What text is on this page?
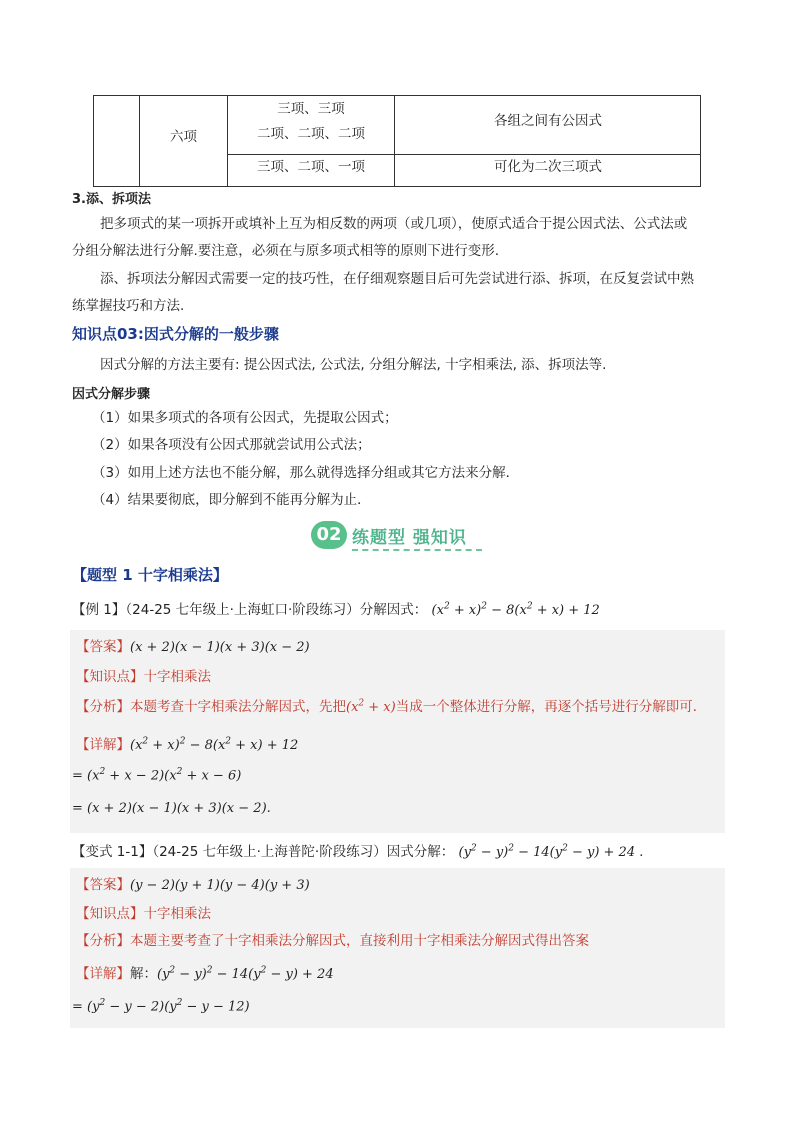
六项
三项、三项
二项、二项、二项
各组之间有公因式
三项、二项、一项	可化为二次三项式
3.添、拆项法
把多项式的某一项拆开或填补上互为相反数的两项（或几项），使原式适合于提公因式法、公式法或
分组分解法进行分解.要注意，必须在与原多项式相等的原则下进行变形.
添、拆项法分解因式需要一定的技巧性，在仔细观察题目后可先尝试进行添、拆项，在反复尝试中熟
练掌握技巧和方法.
知识点03:因式分解的一般步骤
因式分解的方法主要有: 提公因式法, 公式法, 分组分解法, 十字相乘法, 添、拆项法等.
因式分解步骤
（1）如果多项式的各项有公因式，先提取公因式；
（2）如果各项没有公因式那就尝试用公式法；
（3）如用上述方法也不能分解，那么就得选择分组或其它方法来分解．
（4）结果要彻底，即分解到不能再分解为止．
02 练题型 强知识
【题型 1 十字相乘法】
【例 1】（24-25 七年级上·上海虹口·阶段练习）分解因式： $(x^2 + x)^2 - 8(x^2 + x) + 12$
【答案】(x + 2)(x − 1)(x + 3)(x − 2)
【知识点】十字相乘法
【分析】本题考查十字相乘法分解因式，先把$(x^2 + x)$当成一个整体进行分解，再逐个括号进行分解即可．
【详解】$(x^2 + x)^2 - 8(x^2 + x) + 12$
= $(x^2 + x - 2)(x^2 + x - 6)$
= (x + 2)(x − 1)(x + 3)(x − 2).
【变式 1-1】（24-25 七年级上·上海普陀·阶段练习）因式分解： $(y^2 - y)^2 - 14(y^2 - y) + 24$ .
【答案】(y − 2)(y + 1)(y − 4)(y + 3)
【知识点】十字相乘法
【分析】本题主要考查了十字相乘法分解因式，直接利用十字相乘法分解因式得出答案
【详解】解：$(y^2 - y)^2 - 14(y^2 - y) + 24$
= $(y^2 - y - 2)(y^2 - y - 12)$
